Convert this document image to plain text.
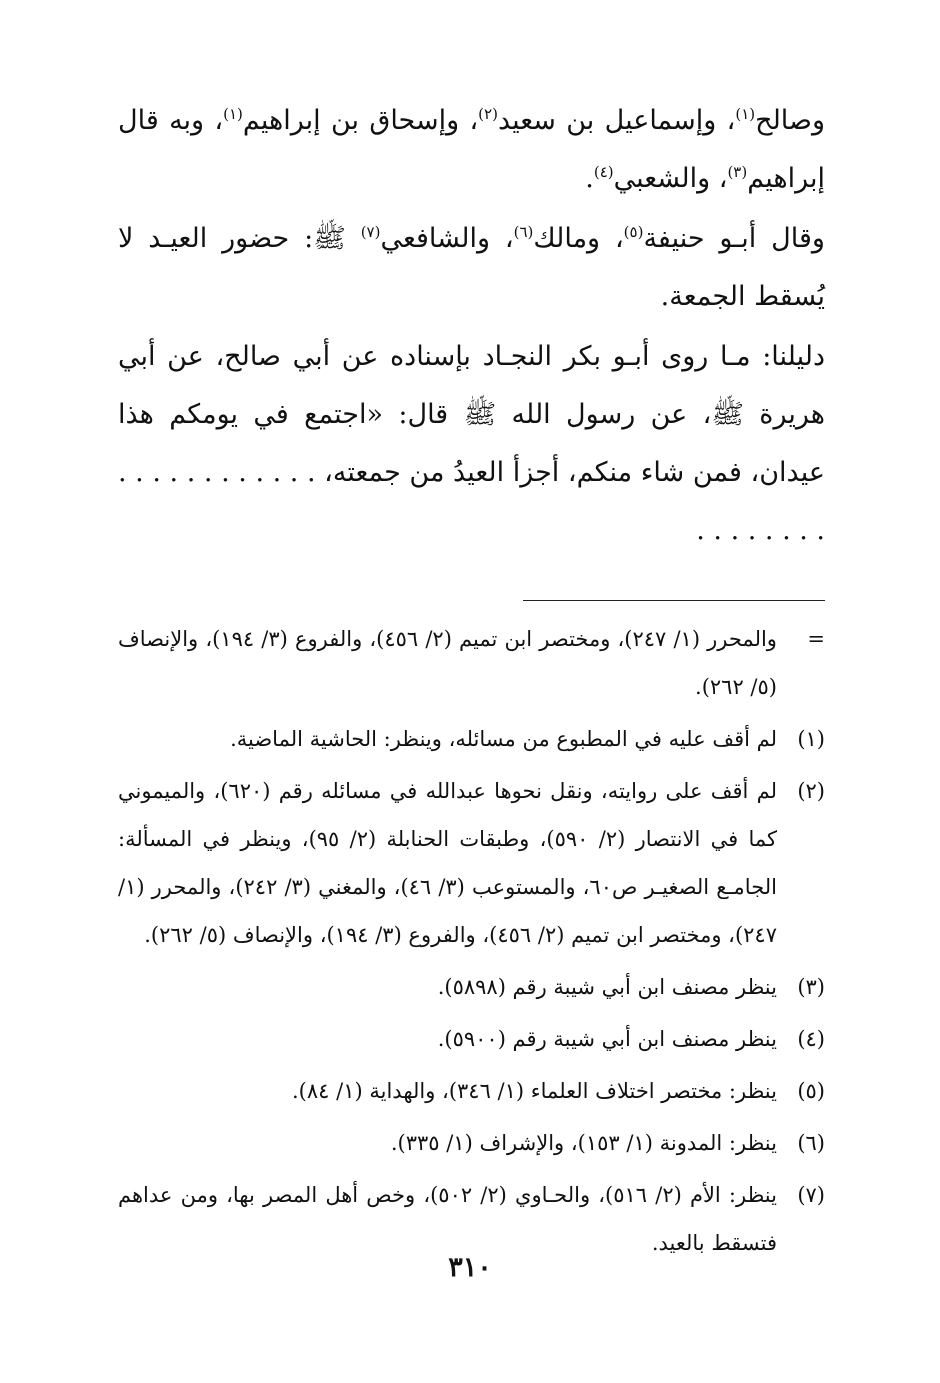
وصالح$^{(١)}$، وإسماعيل بن سعيد$^{(٢)}$، وإسحاق بن إبراهيم$^{(١)}$، وبه قال إبراهيم$^{(٣)}$، والشعبي$^{(٤)}$.

وقال أبـو حنيفة$^{(٥)}$، ومالك$^{(٦)}$، والشافعي$^{(٧)}$ ﷺ: حضور العيـد لا يُسقط الجمعة.

دليلنا: مـا روى أبـو بكر النجـاد بإسناده عن أبي صالح، عن أبي هريرة ﷺ، عن رسول الله ﷺ قال: «اجتمع في يومكم هذا عيدان، فمن شاء منكم، أجزأ العيدُ من جمعته، . . . . . . . . . . . . . . . . . . . .

=
والمحرر (١/ ٢٤٧)، ومختصر ابن تميم (٢/ ٤٥٦)، والفروع (٣/ ١٩٤)، والإنصاف (٥/ ٢٦٢).
(١)
لم أقف عليه في المطبوع من مسائله، وينظر: الحاشية الماضية.
(٢)
لم أقف على روايته، ونقل نحوها عبدالله في مسائله رقم (٦٢٠)، والميموني كما في الانتصار (٢/ ٥٩٠)، وطبقات الحنابلة (٢/ ٩٥)، وينظر في المسألة: الجامـع الصغيـر ص٦٠، والمستوعب (٣/ ٤٦)، والمغني (٣/ ٢٤٢)، والمحرر (١/ ٢٤٧)، ومختصر ابن تميم (٢/ ٤٥٦)، والفروع (٣/ ١٩٤)، والإنصاف (٥/ ٢٦٢).
(٣)
ينظر مصنف ابن أبي شيبة رقم (٥٨٩٨).
(٤)
ينظر مصنف ابن أبي شيبة رقم (٥٩٠٠).
(٥)
ينظر: مختصر اختلاف العلماء (١/ ٣٤٦)، والهداية (١/ ٨٤).
(٦)
ينظر: المدونة (١/ ١٥٣)، والإشراف (١/ ٣٣٥).
(٧)
ينظر: الأم (٢/ ٥١٦)، والحـاوي (٢/ ٥٠٢)، وخص أهل المصر بها، ومن عداهم فتسقط بالعيد.
٣١٠
